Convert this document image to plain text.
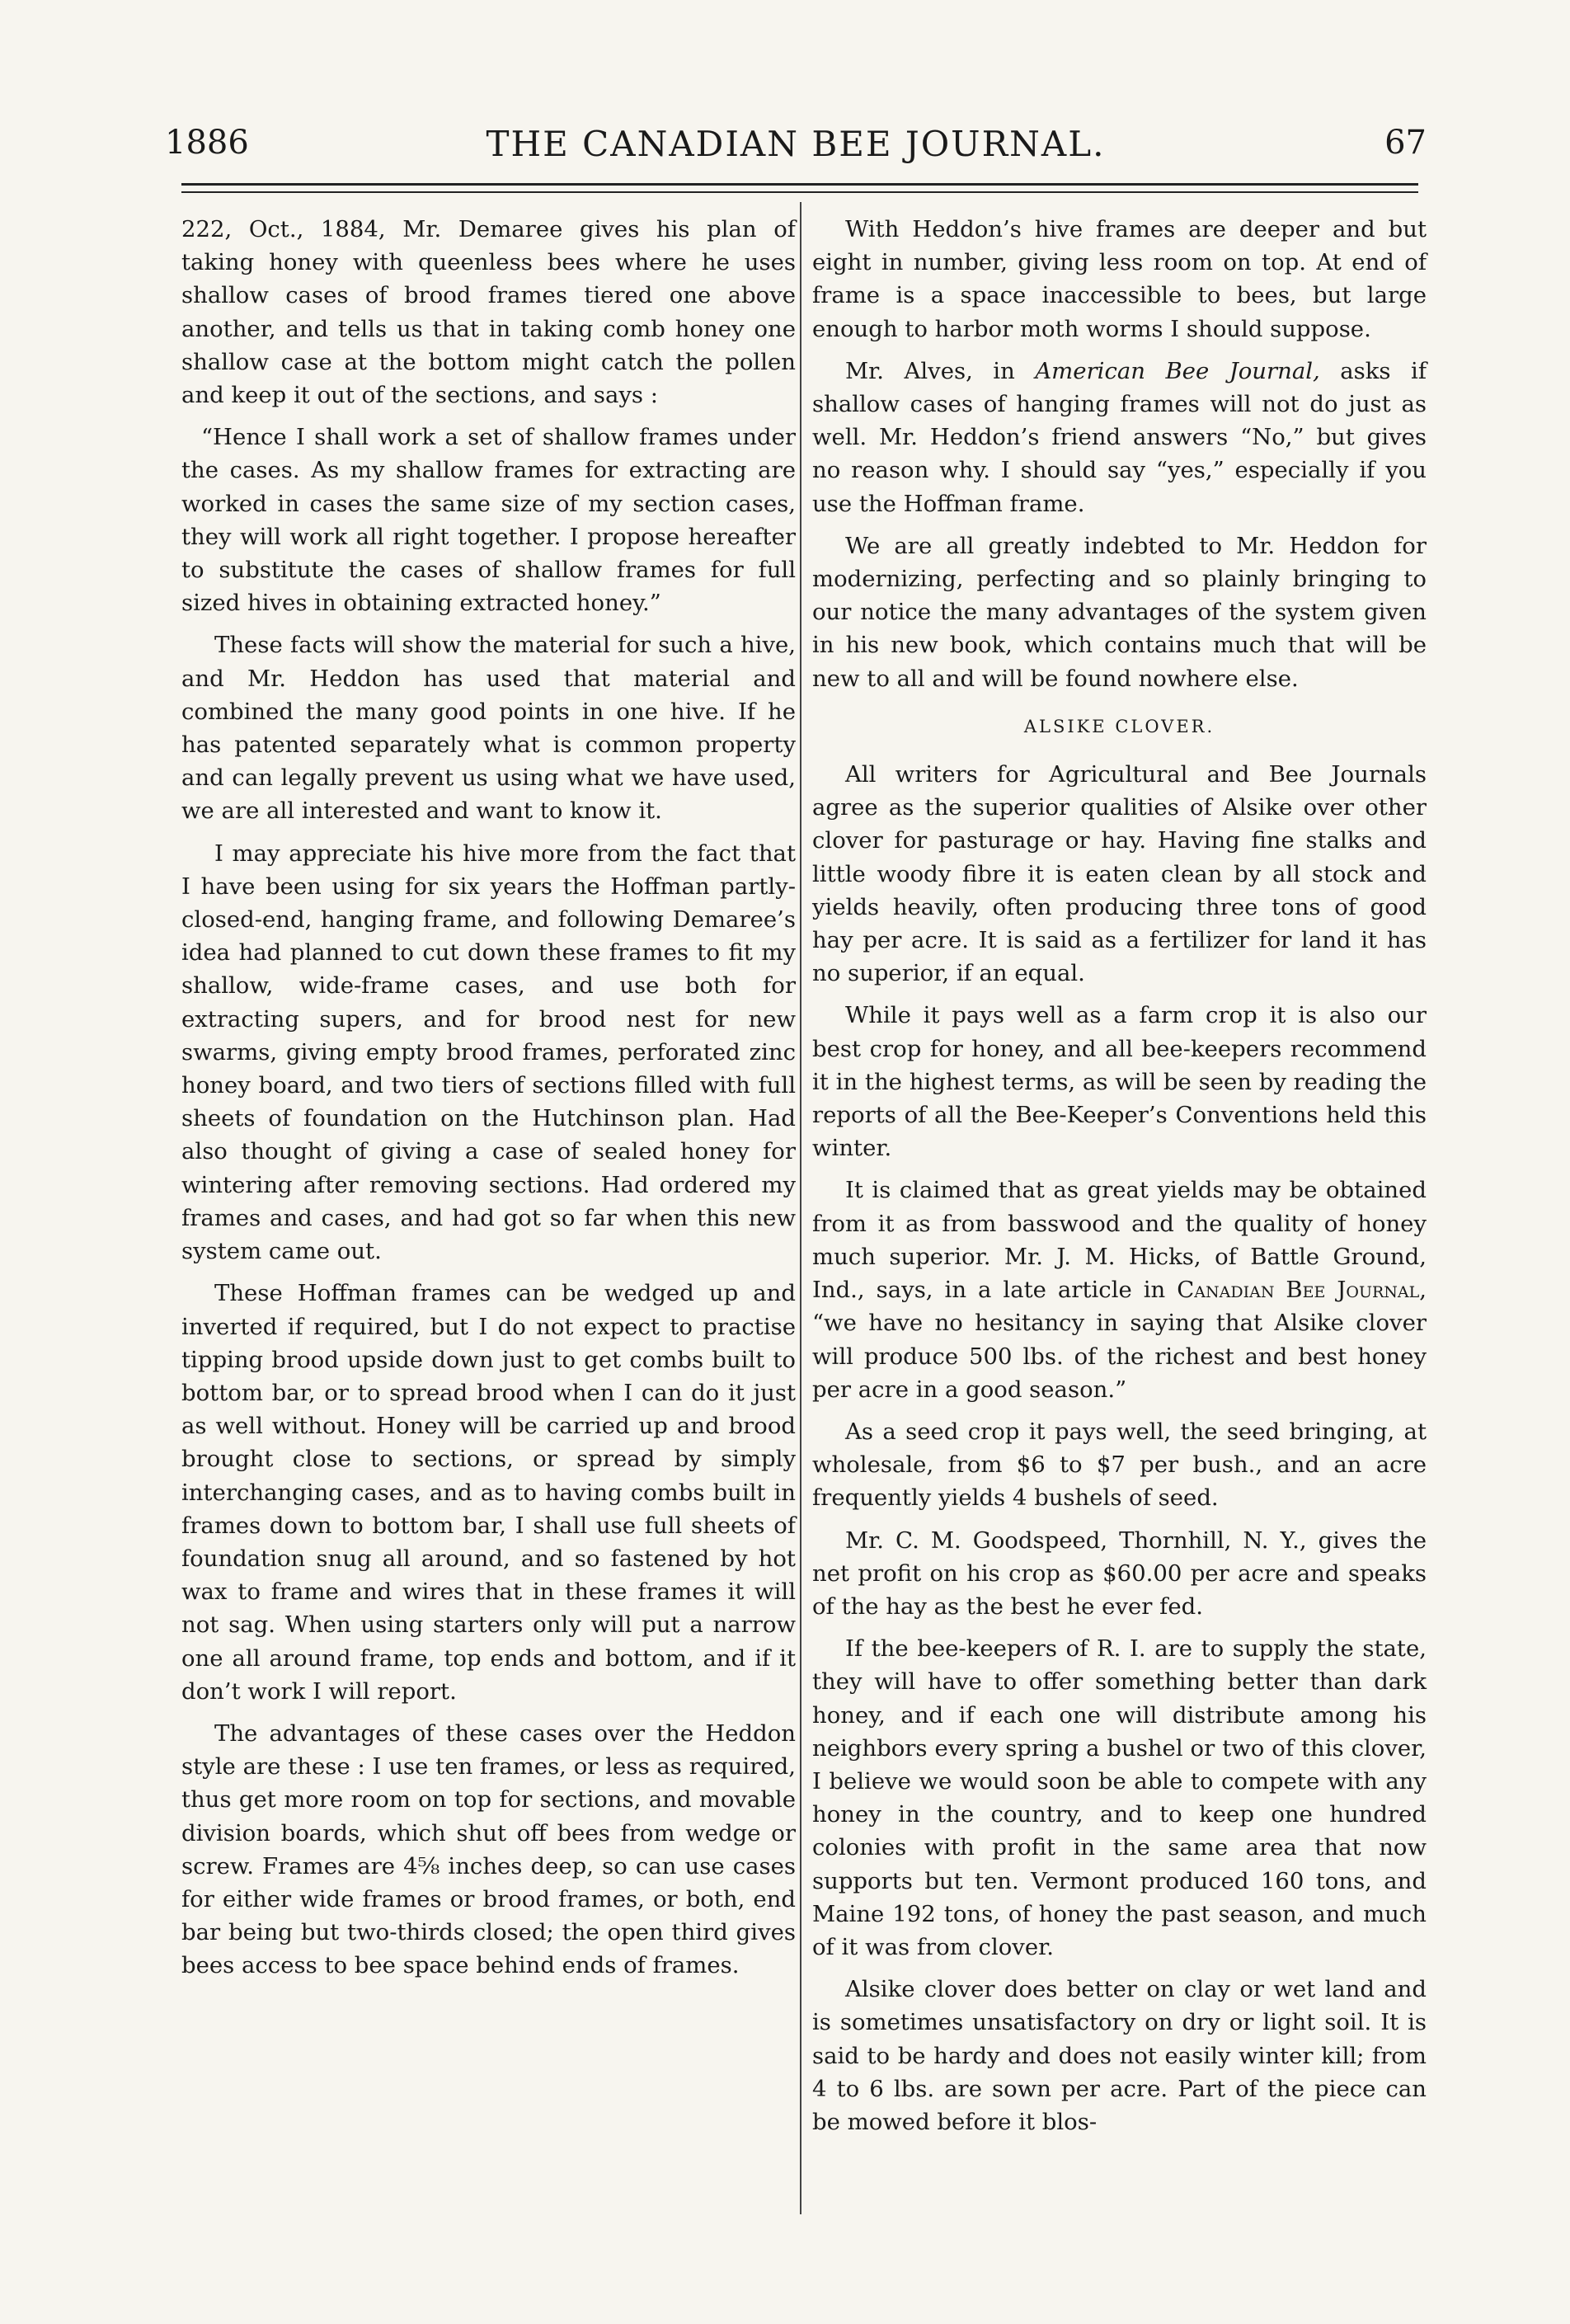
1886	THE CANADIAN BEE JOURNAL.	67

222, Oct., 1884, Mr. Demaree gives his plan of taking honey with queenless bees where he uses shallow cases of brood frames tiered one above another, and tells us that in taking comb honey one shallow case at the bottom might catch the pollen and keep it out of the sections, and says :

“Hence I shall work a set of shallow frames under the cases. As my shallow frames for extracting are worked in cases the same size of my section cases, they will work all right together. I propose hereafter to substitute the cases of shallow frames for full sized hives in obtaining extracted honey.”

These facts will show the material for such a hive, and Mr. Heddon has used that material and combined the many good points in one hive. If he has patented separately what is common property and can legally prevent us using what we have used, we are all interested and want to know it.

I may appreciate his hive more from the fact that I have been using for six years the Hoffman partly-closed-end, hanging frame, and following Demaree’s idea had planned to cut down these frames to fit my shallow, wide-frame cases, and use both for extracting supers, and for brood nest for new swarms, giving empty brood frames, perforated zinc honey board, and two tiers of sections filled with full sheets of foundation on the Hutchinson plan. Had also thought of giving a case of sealed honey for wintering after removing sections. Had ordered my frames and cases, and had got so far when this new system came out.

These Hoffman frames can be wedged up and inverted if required, but I do not expect to practise tipping brood upside down just to get combs built to bottom bar, or to spread brood when I can do it just as well without. Honey will be carried up and brood brought close to sections, or spread by simply interchanging cases, and as to having combs built in frames down to bottom bar, I shall use full sheets of foundation snug all around, and so fastened by hot wax to frame and wires that in these frames it will not sag. When using starters only will put a narrow one all around frame, top ends and bottom, and if it don’t work I will report.

The advantages of these cases over the Heddon style are these : I use ten frames, or less as required, thus get more room on top for sections, and movable division boards, which shut off bees from wedge or screw. Frames are 4⅝ inches deep, so can use cases for either wide frames or brood frames, or both, end bar being but two-thirds closed; the open third gives bees access to bee space behind ends of frames.

With Heddon’s hive frames are deeper and but eight in number, giving less room on top. At end of frame is a space inaccessible to bees, but large enough to harbor moth worms I should suppose.

Mr. Alves, in American Bee Journal, asks if shallow cases of hanging frames will not do just as well. Mr. Heddon’s friend answers “No,” but gives no reason why. I should say “yes,” especially if you use the Hoffman frame.

We are all greatly indebted to Mr. Heddon for modernizing, perfecting and so plainly bringing to our notice the many advantages of the system given in his new book, which contains much that will be new to all and will be found nowhere else.

ALSIKE CLOVER.

All writers for Agricultural and Bee Journals agree as the superior qualities of Alsike over other clover for pasturage or hay. Having fine stalks and little woody fibre it is eaten clean by all stock and yields heavily, often producing three tons of good hay per acre. It is said as a fertilizer for land it has no superior, if an equal.

While it pays well as a farm crop it is also our best crop for honey, and all bee-keepers recommend it in the highest terms, as will be seen by reading the reports of all the Bee-Keeper’s Conventions held this winter.

It is claimed that as great yields may be obtained from it as from basswood and the quality of honey much superior. Mr. J. M. Hicks, of Battle Ground, Ind., says, in a late article in Canadian Bee Journal, “we have no hesitancy in saying that Alsike clover will produce 500 lbs. of the richest and best honey per acre in a good season.”

As a seed crop it pays well, the seed bringing, at wholesale, from $6 to $7 per bush., and an acre frequently yields 4 bushels of seed.

Mr. C. M. Goodspeed, Thornhill, N. Y., gives the net profit on his crop as $60.00 per acre and speaks of the hay as the best he ever fed.

If the bee-keepers of R. I. are to supply the state, they will have to offer something better than dark honey, and if each one will distribute among his neighbors every spring a bushel or two of this clover, I believe we would soon be able to compete with any honey in the country, and to keep one hundred colonies with profit in the same area that now supports but ten. Vermont produced 160 tons, and Maine 192 tons, of honey the past season, and much of it was from clover.

Alsike clover does better on clay or wet land and is sometimes unsatisfactory on dry or light soil. It is said to be hardy and does not easily winter kill; from 4 to 6 lbs. are sown per acre. Part of the piece can be mowed before it blos-
